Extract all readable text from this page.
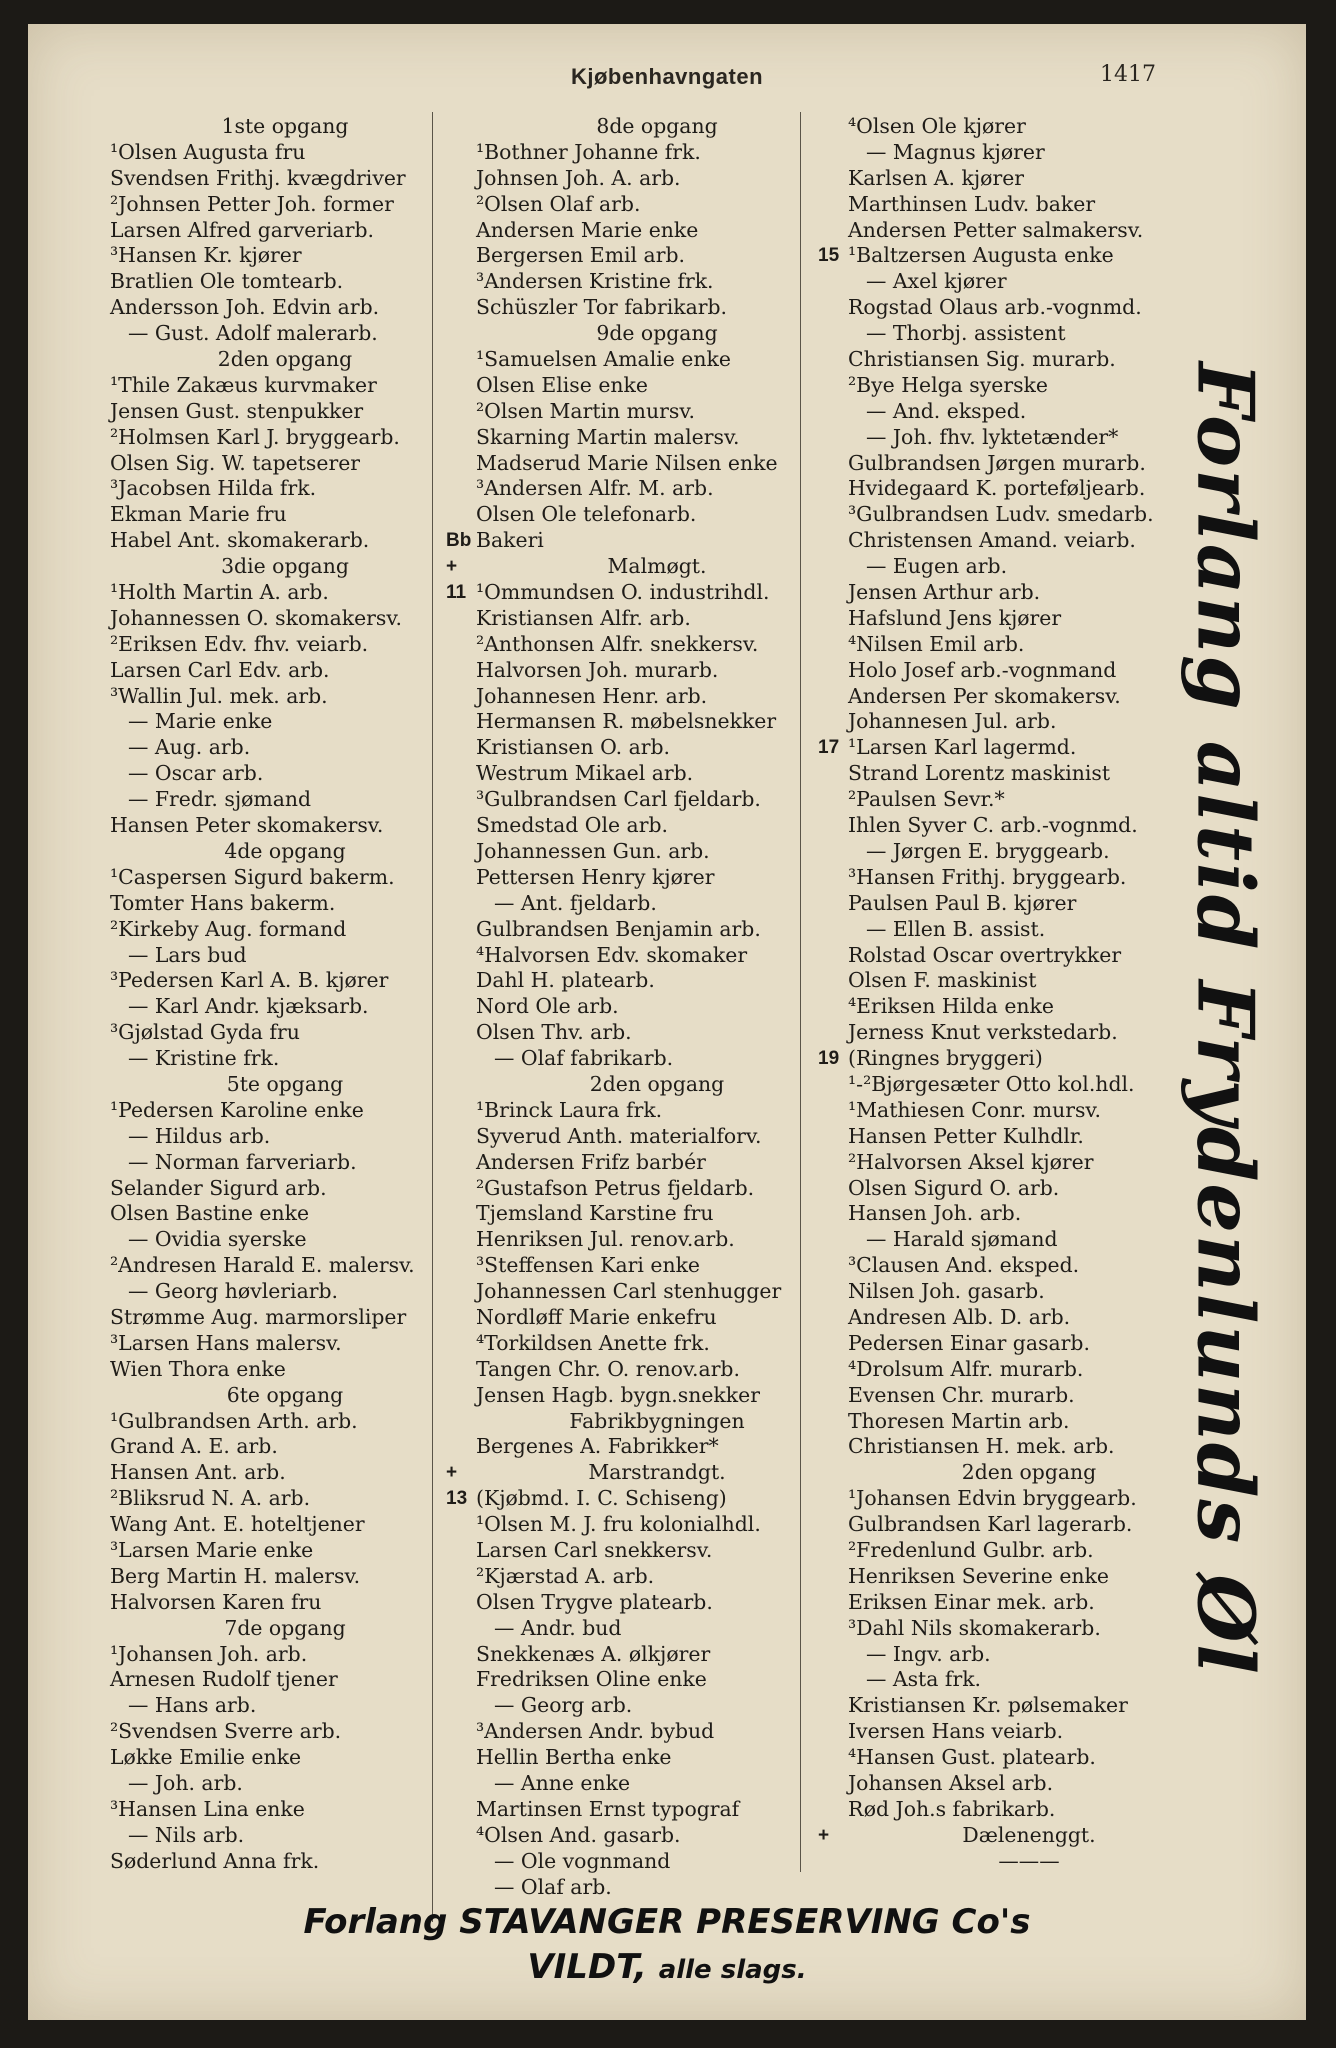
Kjøbenhavngaten	1417
1ste opgang
¹Olsen Augusta fru
Svendsen Frithj. kvægdriver
²Johnsen Petter Joh. former
Larsen Alfred garveriarb.
³Hansen Kr. kjører
Bratlien Ole tomtearb.
Andersson Joh. Edvin arb.
— Gust. Adolf malerarb.
2den opgang
¹Thile Zakæus kurvmaker
Jensen Gust. stenpukker
²Holmsen Karl J. bryggearb.
Olsen Sig. W. tapetserer
³Jacobsen Hilda frk.
Ekman Marie fru
Habel Ant. skomakerarb.
3die opgang
¹Holth Martin A. arb.
Johannessen O. skomakersv.
²Eriksen Edv. fhv. veiarb.
Larsen Carl Edv. arb.
³Wallin Jul. mek. arb.
— Marie enke
— Aug. arb.
— Oscar arb.
— Fredr. sjømand
Hansen Peter skomakersv.
4de opgang
¹Caspersen Sigurd bakerm.
Tomter Hans bakerm.
²Kirkeby Aug. formand
— Lars bud
³Pedersen Karl A. B. kjører
— Karl Andr. kjæksarb.
³Gjølstad Gyda fru
— Kristine frk.
5te opgang
¹Pedersen Karoline enke
— Hildus arb.
— Norman farveriarb.
Selander Sigurd arb.
Olsen Bastine enke
— Ovidia syerske
²Andresen Harald E. malersv.
— Georg høvleriarb.
Strømme Aug. marmorsliper
³Larsen Hans malersv.
Wien Thora enke
6te opgang
¹Gulbrandsen Arth. arb.
Grand A. E. arb.
Hansen Ant. arb.
²Bliksrud N. A. arb.
Wang Ant. E. hoteltjener
³Larsen Marie enke
Berg Martin H. malersv.
Halvorsen Karen fru
7de opgang
¹Johansen Joh. arb.
Arnesen Rudolf tjener
— Hans arb.
²Svendsen Sverre arb.
Løkke Emilie enke
— Joh. arb.
³Hansen Lina enke
— Nils arb.
Søderlund Anna frk.
8de opgang
¹Bothner Johanne frk.
Johnsen Joh. A. arb.
²Olsen Olaf arb.
Andersen Marie enke
Bergersen Emil arb.
³Andersen Kristine frk.
Schüszler Tor fabrikarb.
9de opgang
¹Samuelsen Amalie enke
Olsen Elise enke
²Olsen Martin mursv.
Skarning Martin malersv.
Madserud Marie Nilsen enke
³Andersen Alfr. M. arb.
Olsen Ole telefonarb.
Bakeri
Bb
Malmøgt.
+
¹Ommundsen O. industrihdl.
11
Kristiansen Alfr. arb.
²Anthonsen Alfr. snekkersv.
Halvorsen Joh. murarb.
Johannesen Henr. arb.
Hermansen R. møbelsnekker
Kristiansen O. arb.
Westrum Mikael arb.
³Gulbrandsen Carl fjeldarb.
Smedstad Ole arb.
Johannessen Gun. arb.
Pettersen Henry kjører
— Ant. fjeldarb.
Gulbrandsen Benjamin arb.
⁴Halvorsen Edv. skomaker
Dahl H. platearb.
Nord Ole arb.
Olsen Thv. arb.
— Olaf fabrikarb.
2den opgang
¹Brinck Laura frk.
Syverud Anth. materialforv.
Andersen Frifz barbér
²Gustafson Petrus fjeldarb.
Tjemsland Karstine fru
Henriksen Jul. renov.arb.
³Steffensen Kari enke
Johannessen Carl stenhugger
Nordløff Marie enkefru
⁴Torkildsen Anette frk.
Tangen Chr. O. renov.arb.
Jensen Hagb. bygn.snekker
Fabrikbygningen
Bergenes A. Fabrikker*
Marstrandgt.
+
(Kjøbmd. I. C. Schiseng)
13
¹Olsen M. J. fru kolonialhdl.
Larsen Carl snekkersv.
²Kjærstad A. arb.
Olsen Trygve platearb.
— Andr. bud
Snekkenæs A. ølkjører
Fredriksen Oline enke
— Georg arb.
³Andersen Andr. bybud
Hellin Bertha enke
— Anne enke
Martinsen Ernst typograf
⁴Olsen And. gasarb.
— Ole vognmand
— Olaf arb.
⁴Olsen Ole kjører
— Magnus kjører
Karlsen A. kjører
Marthinsen Ludv. baker
Andersen Petter salmakersv.
¹Baltzersen Augusta enke
15
— Axel kjører
Rogstad Olaus arb.-vognmd.
— Thorbj. assistent
Christiansen Sig. murarb.
²Bye Helga syerske
— And. eksped.
— Joh. fhv. lyktetænder*
Gulbrandsen Jørgen murarb.
Hvidegaard K. porteføljearb.
³Gulbrandsen Ludv. smedarb.
Christensen Amand. veiarb.
— Eugen arb.
Jensen Arthur arb.
Hafslund Jens kjører
⁴Nilsen Emil arb.
Holo Josef arb.-vognmand
Andersen Per skomakersv.
Johannesen Jul. arb.
¹Larsen Karl lagermd.
17
Strand Lorentz maskinist
²Paulsen Sevr.*
Ihlen Syver C. arb.-vognmd.
— Jørgen E. bryggearb.
³Hansen Frithj. bryggearb.
Paulsen Paul B. kjører
— Ellen B. assist.
Rolstad Oscar overtrykker
Olsen F. maskinist
⁴Eriksen Hilda enke
Jerness Knut verkstedarb.
(Ringnes bryggeri)
19
¹-²Bjørgesæter Otto kol.hdl.
¹Mathiesen Conr. mursv.
Hansen Petter Kulhdlr.
²Halvorsen Aksel kjører
Olsen Sigurd O. arb.
Hansen Joh. arb.
— Harald sjømand
³Clausen And. eksped.
Nilsen Joh. gasarb.
Andresen Alb. D. arb.
Pedersen Einar gasarb.
⁴Drolsum Alfr. murarb.
Evensen Chr. murarb.
Thoresen Martin arb.
Christiansen H. mek. arb.
2den opgang
¹Johansen Edvin bryggearb.
Gulbrandsen Karl lagerarb.
²Fredenlund Gulbr. arb.
Henriksen Severine enke
Eriksen Einar mek. arb.
³Dahl Nils skomakerarb.
— Ingv. arb.
— Asta frk.
Kristiansen Kr. pølsemaker
Iversen Hans veiarb.
⁴Hansen Gust. platearb.
Johansen Aksel arb.
Rød Joh.s fabrikarb.
Dælenenggt.
+
———
Forlang altid Frydenlunds Øl
Forlang STAVANGER PRESERVING Co's
VILDT, alle slags.
